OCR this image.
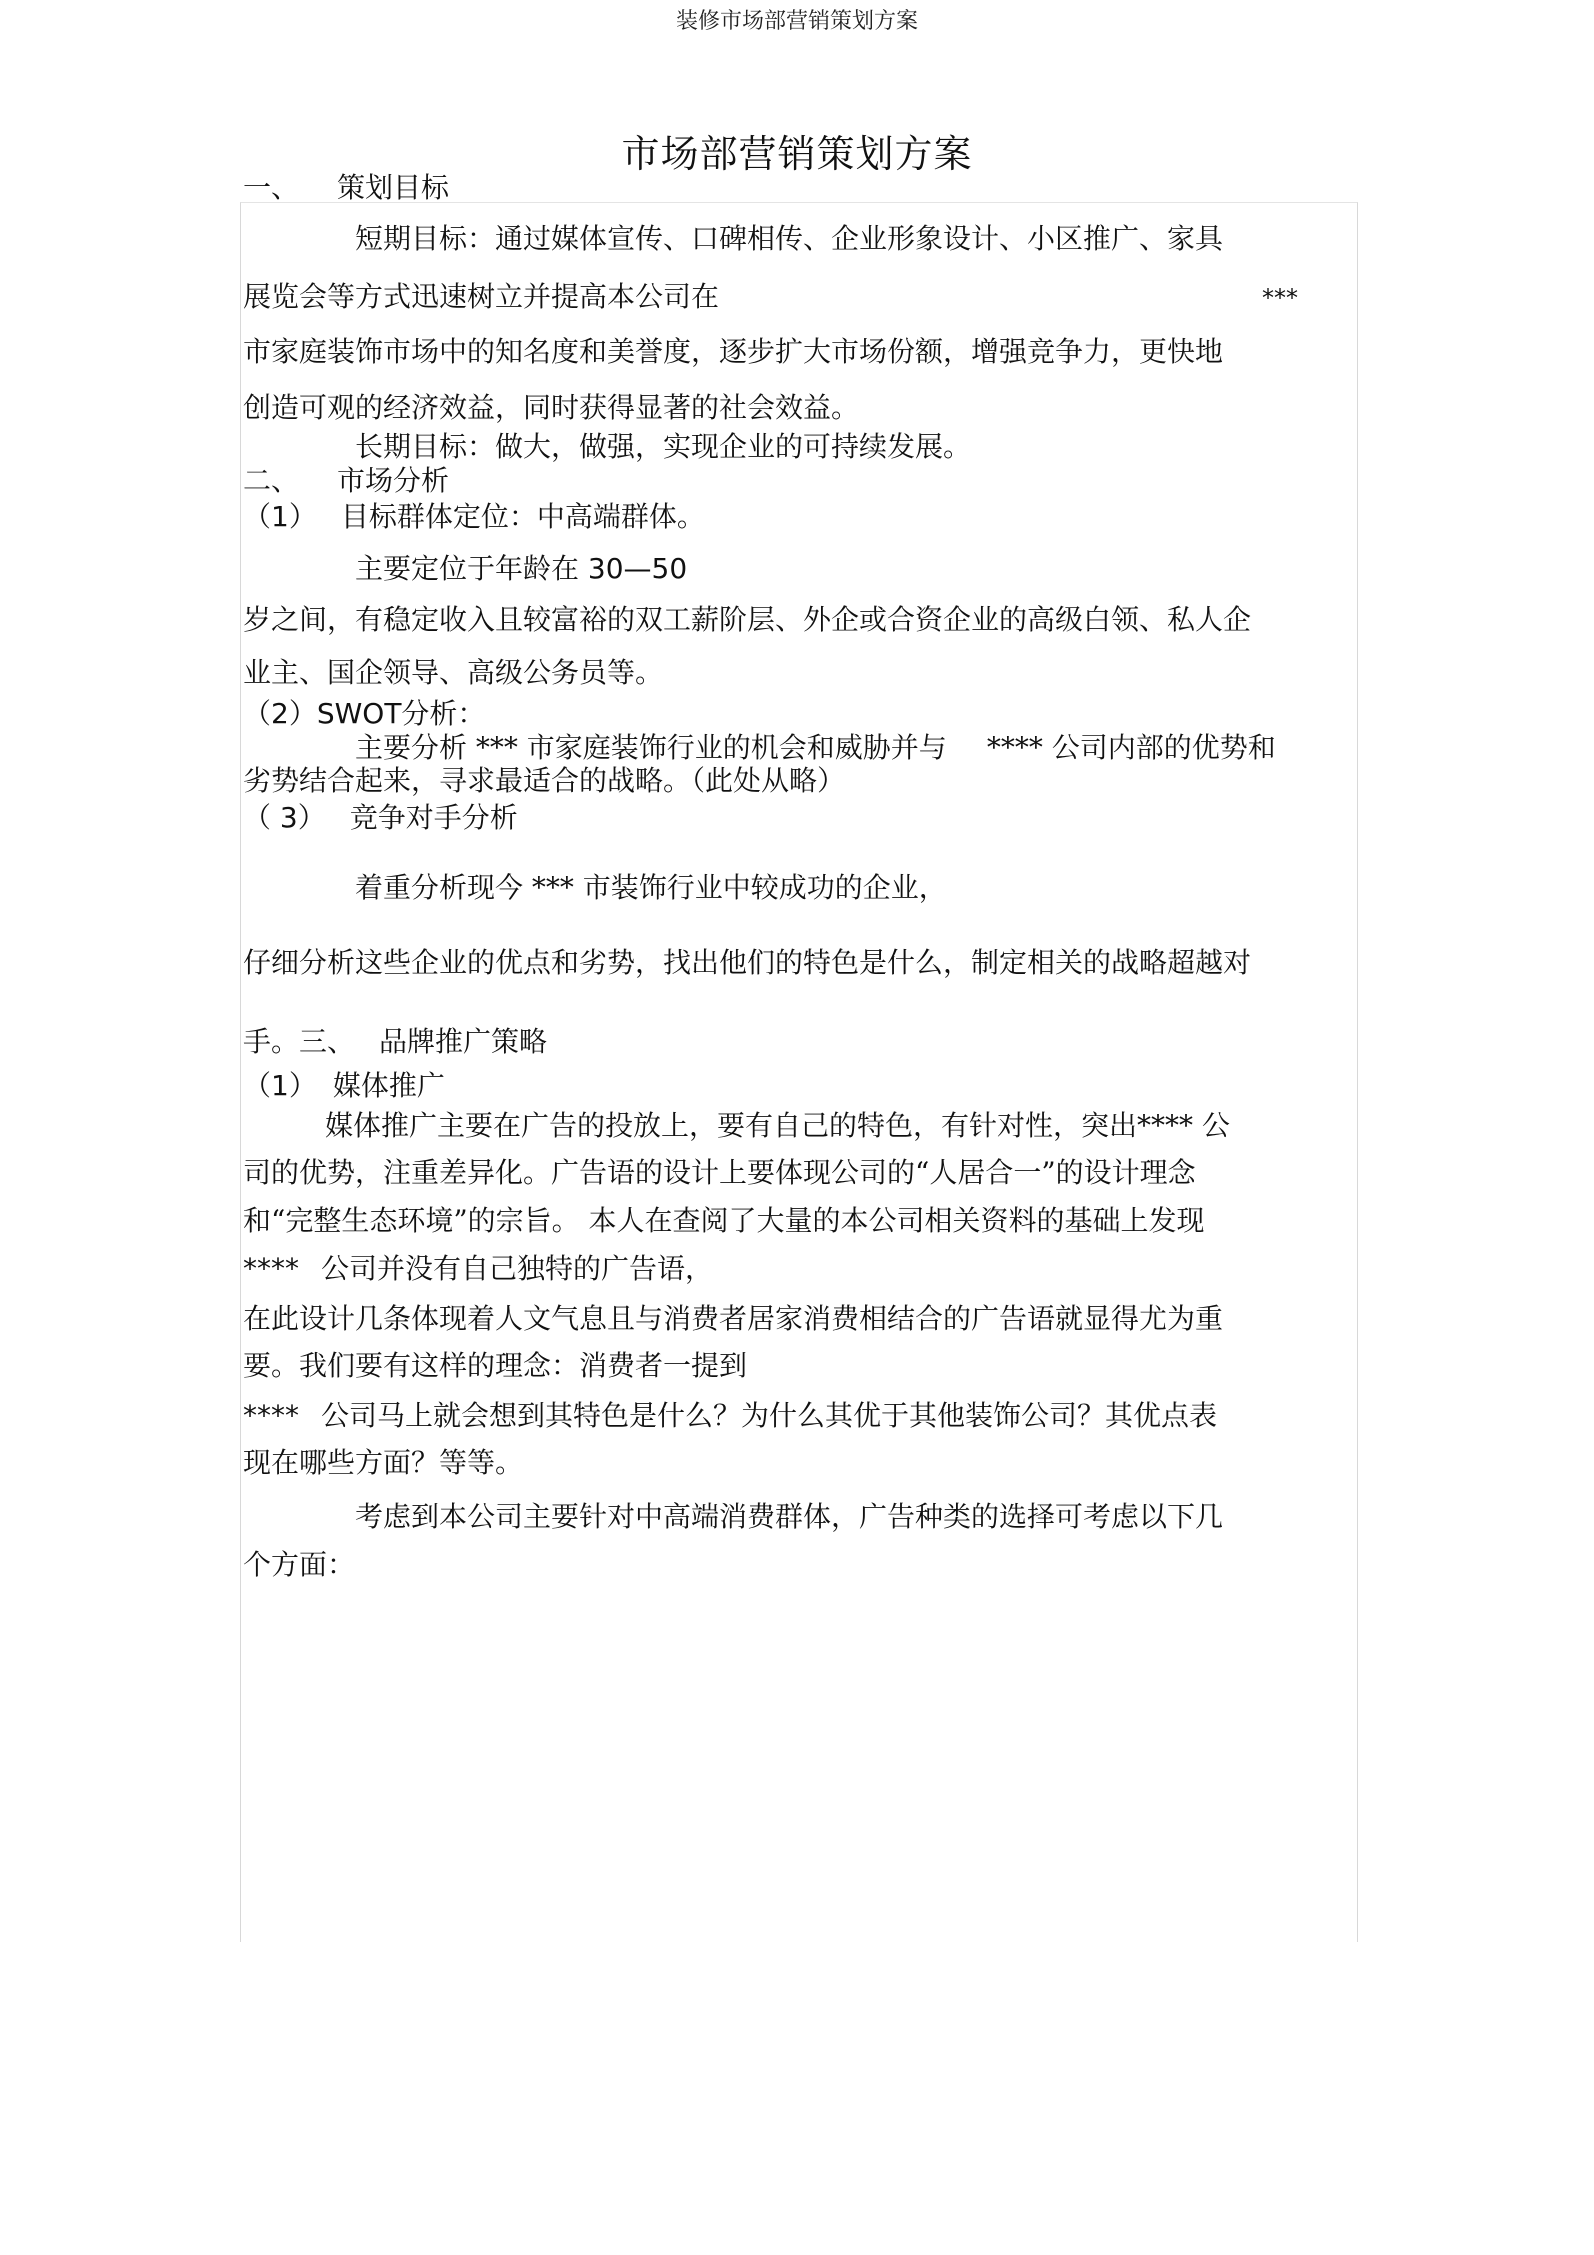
装修市场部营销策划方案
市场部营销策划方案
一、 策划目标
短期目标：通过媒体宣传、口碑相传、企业形象设计、小区推广、家具
展览会等方式迅速树立并提高本公司在	***
市家庭装饰市场中的知名度和美誉度，逐步扩大市场份额，增强竞争力，更快地
创造可观的经济效益，同时获得显著的社会效益。
长期目标：做大，做强，实现企业的可持续发展。
二、 市场分析
（1） 目标群体定位：中高端群体。
主要定位于年龄在 30—50
岁之间，有稳定收入且较富裕的双工薪阶层、外企或合资企业的高级白领、私人企
业主、国企领导、高级公务员等。
（2）SWOT分析：
主要分析 *** 市家庭装饰行业的机会和威胁并与 **** 公司内部的优势和
劣势结合起来，寻求最适合的战略。（此处从略）
（ 3） 竞争对手分析
着重分析现今 *** 市装饰行业中较成功的企业，
仔细分析这些企业的优点和劣势，找出他们的特色是什么，制定相关的战略超越对
手。三、 品牌推广策略
（1） 媒体推广
媒体推广主要在广告的投放上，要有自己的特色，有针对性，突出**** 公
司的优势，注重差异化。广告语的设计上要体现公司的“人居合一”的设计理念
和“完整生态环境”的宗旨。 本人在查阅了大量的本公司相关资料的基础上发现
**** 公司并没有自己独特的广告语，
在此设计几条体现着人文气息且与消费者居家消费相结合的广告语就显得尤为重
要。我们要有这样的理念：消费者一提到
**** 公司马上就会想到其特色是什么？为什么其优于其他装饰公司？其优点表
现在哪些方面？等等。
考虑到本公司主要针对中高端消费群体，广告种类的选择可考虑以下几
个方面：
